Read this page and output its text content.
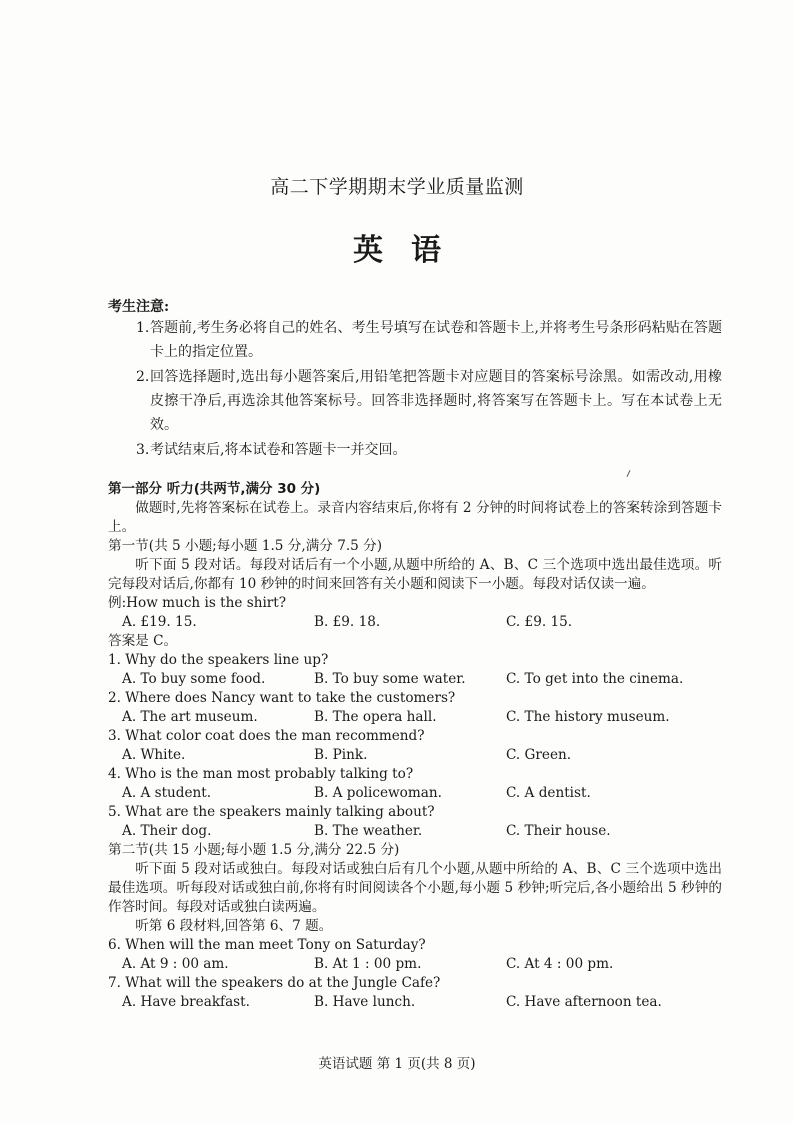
高二下学期期末学业质量监测
英语
考生注意:
1. 答题前,考生务必将自己的姓名、考生号填写在试卷和答题卡上,并将考生号条形码粘贴在答题卡上的指定位置。
2. 回答选择题时,选出每小题答案后,用铅笔把答题卡对应题目的答案标号涂黑。如需改动,用橡皮擦干净后,再选涂其他答案标号。回答非选择题时,将答案写在答题卡上。写在本试卷上无效。
3. 考试结束后,将本试卷和答题卡一并交回。
第一部分 听力(共两节,满分 30 分)
做题时,先将答案标在试卷上。录音内容结束后,你将有 2 分钟的时间将试卷上的答案转涂到答题卡上。
第一节(共 5 小题;每小题 1.5 分,满分 7.5 分)
听下面 5 段对话。每段对话后有一个小题,从题中所给的 A、B、C 三个选项中选出最佳选项。听完每段对话后,你都有 10 秒钟的时间来回答有关小题和阅读下一小题。每段对话仅读一遍。
例:How much is the shirt?
A. £19. 15.	B. £9. 18.	C. £9. 15.
答案是 C。
1. Why do the speakers line up?
A. To buy some food.	B. To buy some water.	C. To get into the cinema.
2. Where does Nancy want to take the customers?
A. The art museum.	B. The opera hall.	C. The history museum.
3. What color coat does the man recommend?
A. White.	B. Pink.	C. Green.
4. Who is the man most probably talking to?
A. A student.	B. A policewoman.	C. A dentist.
5. What are the speakers mainly talking about?
A. Their dog.	B. The weather.	C. Their house.
第二节(共 15 小题;每小题 1.5 分,满分 22.5 分)
听下面 5 段对话或独白。每段对话或独白后有几个小题,从题中所给的 A、B、C 三个选项中选出最佳选项。听每段对话或独白前,你将有时间阅读各个小题,每小题 5 秒钟;听完后,各小题给出 5 秒钟的作答时间。每段对话或独白读两遍。
听第 6 段材料,回答第 6、7 题。
6. When will the man meet Tony on Saturday?
A. At 9 : 00 am.	B. At 1 : 00 pm.	C. At 4 : 00 pm.
7. What will the speakers do at the Jungle Cafe?
A. Have breakfast.	B. Have lunch.	C. Have afternoon tea.
英语试题 第 1 页(共 8 页)
